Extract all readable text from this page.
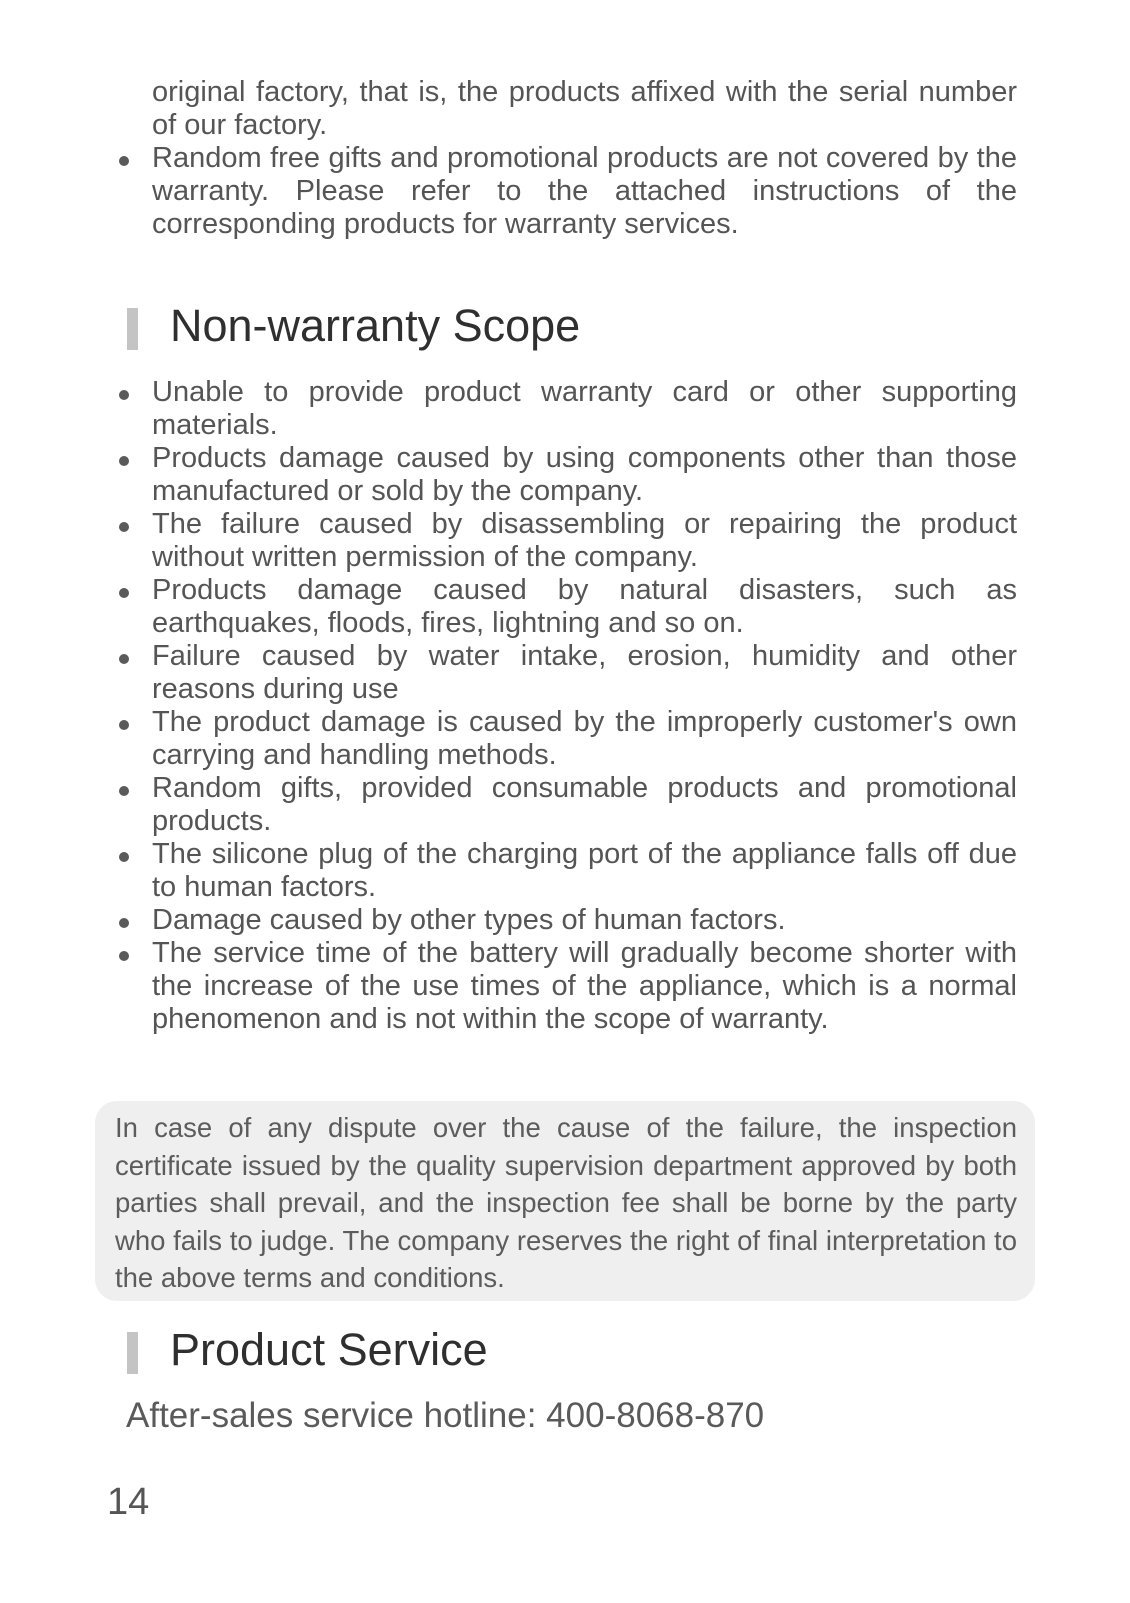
original factory, that is, the products affixed with the serial number of our factory.
Random free gifts and promotional products are not covered by the warranty. Please refer to the attached instructions of the corresponding products for warranty services.
Non-warranty Scope
Unable to provide product warranty card or other supporting materials.
Products damage caused by using components other than those manufactured or sold by the company.
The failure caused by disassembling or repairing the product without written permission of the company.
Products damage caused by natural disasters, such as earthquakes, floods, fires, lightning and so on.
Failure caused by water intake, erosion, humidity and other reasons during use
The product damage is caused by the improperly customer's own carrying and handling methods.
Random gifts, provided consumable products and promotional products.
The silicone plug of the charging port of the appliance falls off due to human factors.
Damage caused by other types of human factors.
The service time of the battery will gradually become shorter with the increase of the use times of the appliance, which is a normal phenomenon and is not within the scope of warranty.

In case of any dispute over the cause of the failure, the inspection certificate issued by the quality supervision department approved by both parties shall prevail, and the inspection fee shall be borne by the party who fails to judge. The company reserves the right of final interpretation to the above terms and conditions.

Product Service
After-sales service hotline: 400-8068-870
14
